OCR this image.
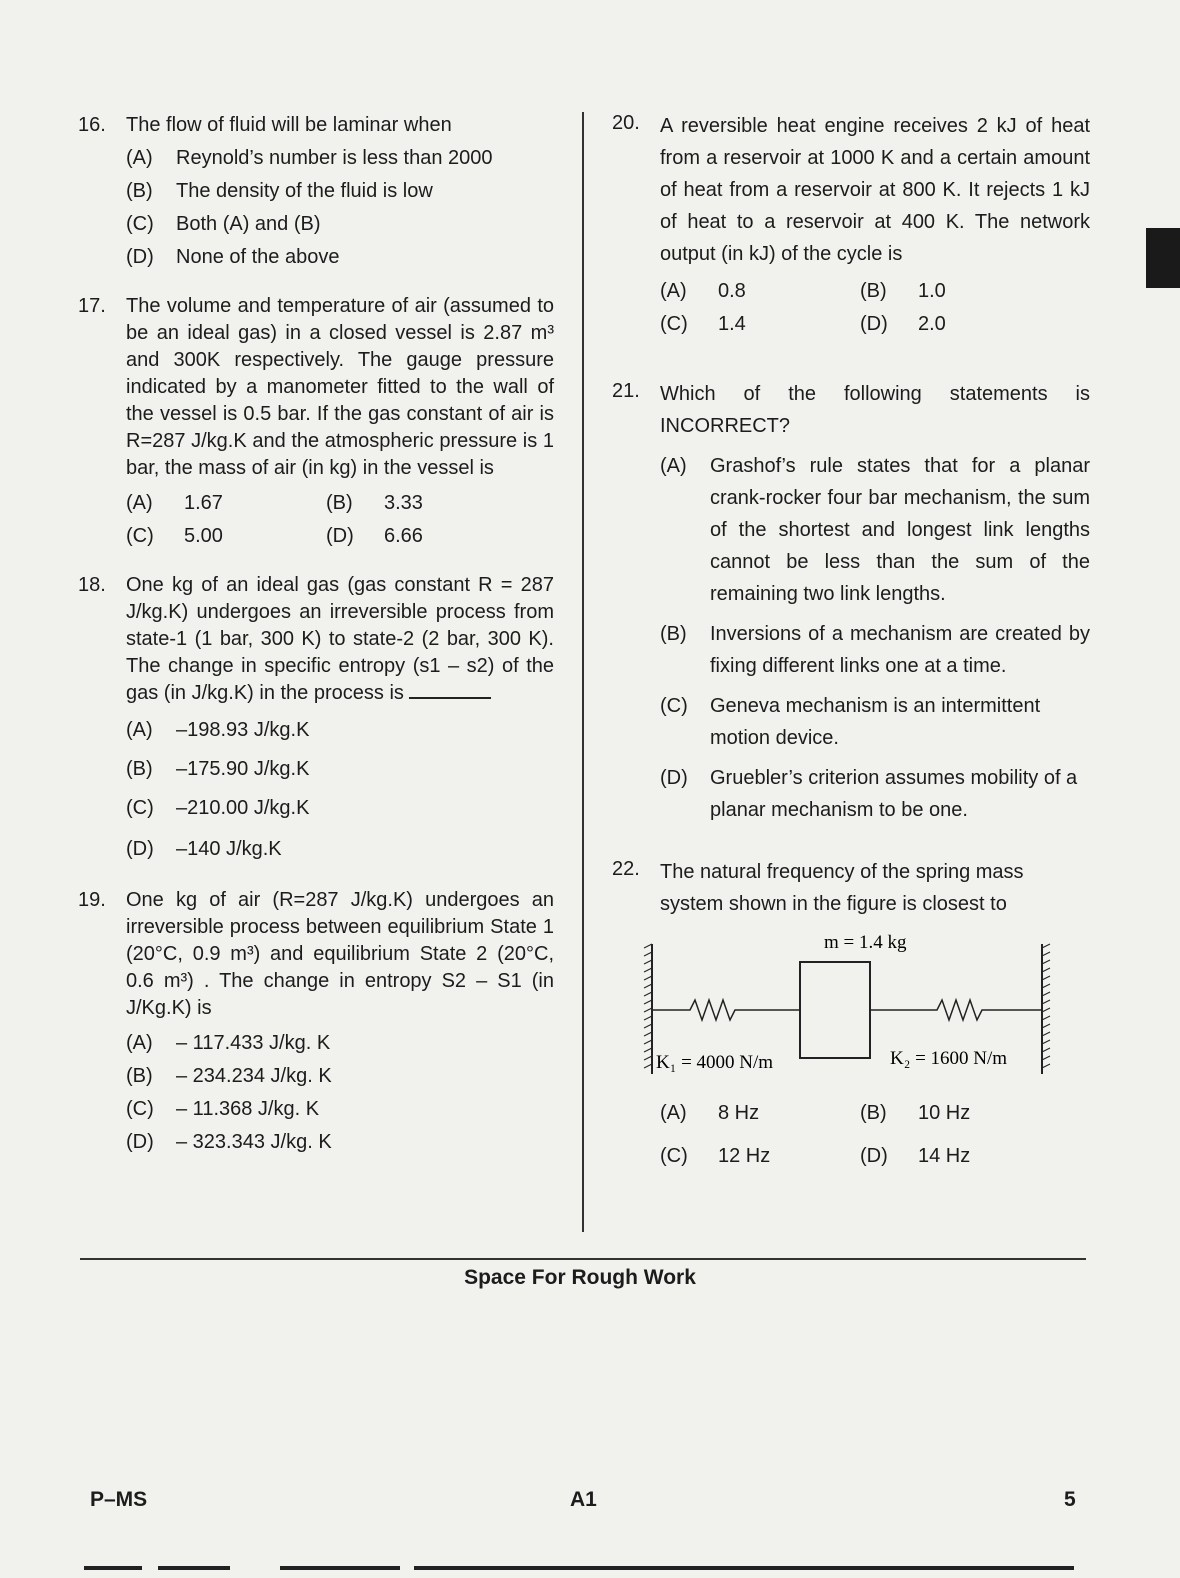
16.	The flow of fluid will be laminar when
(A)	Reynold’s number is less than 2000
(B)	The density of the fluid is low
(C)	Both (A) and (B)
(D)	None of the above
17.	The volume and temperature of air (assumed to be an ideal gas) in a closed vessel is 2.87 m³ and 300K respectively. The gauge pressure indicated by a manometer fitted to the wall of the vessel is 0.5 bar. If the gas constant of air is R=287 J/kg.K and the atmospheric pressure is 1 bar, the mass of air (in kg) in the vessel is
(A)	1.67	(B)	3.33
(C)	5.00	(D)	6.66
18.	One kg of an ideal gas (gas constant R = 287 J/kg.K) undergoes an irreversible process from state-1 (1 bar, 300 K) to state-2 (2 bar, 300 K). The change in specific entropy (s1 – s2) of the gas (in J/kg.K) in the process is
(A)	–198.93 J/kg.K
(B)	–175.90 J/kg.K
(C)	–210.00 J/kg.K
(D)	–140 J/kg.K
19.	One kg of air (R=287 J/kg.K) undergoes an irreversible process between equilibrium State 1 (20°C, 0.9 m³) and equilibrium State 2 (20°C, 0.6 m³) . The change in entropy S2 – S1 (in J/Kg.K) is
(A)	– 117.433 J/kg. K
(B)	– 234.234 J/kg. K
(C)	– 11.368 J/kg. K
(D)	– 323.343 J/kg. K
20.	A reversible heat engine receives 2 kJ of heat from a reservoir at 1000 K and a certain amount of heat from a reservoir at 800 K. It rejects 1 kJ of heat to a reservoir at 400 K. The network output (in kJ) of the cycle is
(A)	0.8	(B)	1.0
(C)	1.4	(D)	2.0
21.	Which of the following statements is INCORRECT?
(A)	Grashof’s rule states that for a planar crank-rocker four bar mechanism, the sum of the shortest and longest link lengths cannot be less than the sum of the remaining two link lengths.
(B)	Inversions of a mechanism are created by fixing different links one at a time.
(C)	Geneva mechanism is an intermittent motion device.
(D)	Gruebler’s criterion assumes mobility of a planar mechanism to be one.
22.	The natural frequency of the spring mass system shown in the figure is closest to
m = 1.4 kg
K₁ = 4000 N/m	K₂ = 1600 N/m
(A)	8 Hz	(B)	10 Hz
(C)	12 Hz	(D)	14 Hz
Space For Rough Work
P–MS	A1	5
